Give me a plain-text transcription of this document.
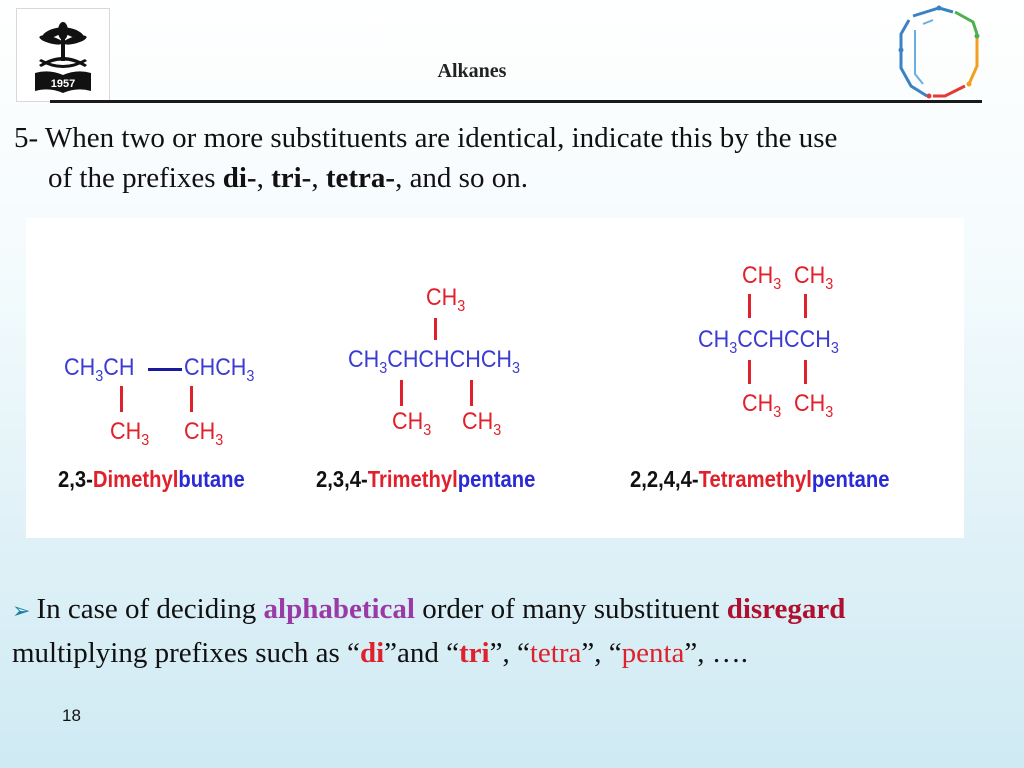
1957
Alkanes
5- When two or more substituents are identical, indicate this by the use
of the prefixes di-, tri-, tetra-, and so on.
$CH_3CH$ $CHCH_3$
$CH_3$ $CH_3$
$CH_3$
$CH_3CHCHCHCH_3$
$CH_3$ $CH_3$
$CH_3$ $CH_3$
$CH_3CCHCCH_3$
$CH_3$ $CH_3$
2,3-Dimethylbutane	2,3,4-Trimethylpentane	2,2,4,4-Tetramethylpentane
➢ In case of deciding alphabetical order of many substituent disregard
multiplying prefixes such as “di”and “tri”, “tetra”, “penta”, ….
18
